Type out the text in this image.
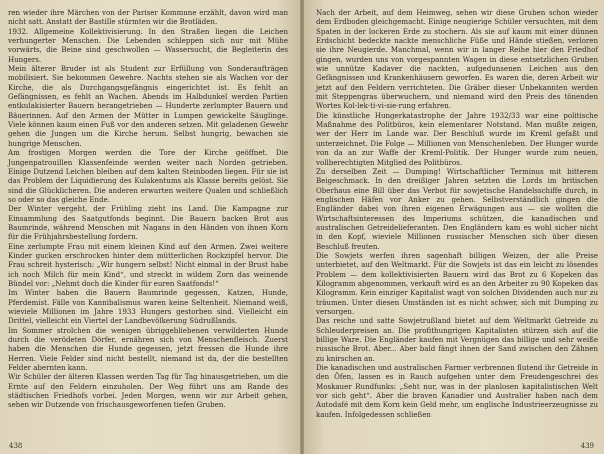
ren wieder ihre Märchen von der Pariser Kommune erzählt, davon wird man nicht satt. Anstatt der Bastille stürmten wir die Brotläden.

1932. Allgemeine Kollektivisierung. In den Straßen liegen die Leichen verhungerter Menschen. Die Lebenden schleppen sich nur mit Mühe vorwärts, die Beine sind geschwollen — Wassersucht, die Begleiterin des Hungers.

Mein älterer Bruder ist als Student zur Erfüllung von Sonderaufträgen mobilisiert. Sie bekommen Gewehre. Nachts stehen sie als Wachen vor der Kirche, die als Durchgangsgefängnis eingerichtet ist. Es fehlt an Gefängnissen, es fehlt an Wachen. Abends im Halbdunkel werden Partien entkulakisierter Bauern herangetrieben — Hunderte zerlumpter Bauern und Bäuerinnen. Auf den Armen der Mütter in Lumpen gewickelte Säuglinge. Viele können kaum einen Fuß vor den anderen setzen. Mit geladenen Gewehr gehen die Jungen um die Kirche herum. Selbst hungrig, bewachen sie hungrige Menschen.

Am frostigen Morgen werden die Tore der Kirche geöffnet. Die Jungenpatrouillen Klassenfeinde werden weiter nach Norden getrieben. Einige Dutzend Leichen bleiben auf dem kalten Steinboden liegen. Für sie ist das Problem der Liquidierung des Kulakentums als Klasse bereits gelöst. Sie sind die Glücklicheren. Die anderen erwarten weitere Qualen und schließlich so oder so das gleiche Ende.

Der Winter vergeht, der Frühling zieht ins Land. Die Kampagne zur Einsammlung des Saatgutfonds beginnt. Die Bauern backen Brot aus Baumrinde, während Menschen mit Nagans in den Händen von ihnen Korn für die Frühjahrsbestellung fordern.

Eine zerlumpte Frau mit einem kleinen Kind auf den Armen. Zwei weitere Kinder gucken erschrocken hinter dem mütterlichen Rockzipfel hervor. Die Frau schreit hysterisch: „Wir hungern selbst! Nicht einmal in der Brust habe ich noch Milch für mein Kind“, und streckt in wildem Zorn das weinende Bündel vor: „Nehmt doch die Kinder für euren Saatfonds!“

Im Winter haben die Bauern Baumrinde gegessen, Katzen, Hunde, Pferdemist. Fälle von Kannibalismus waren keine Seltenheit. Niemand weiß, wieviele Millionen im Jahre 1933 Hungers gestorben sind. Vielleicht ein Drittel, vielleicht ein Viertel der Landbevölkerung Südrußlands.

Im Sommer strolchen die wenigen übriggebliebenen verwilderten Hunde durch die verödeten Dörfer, ernähren sich von Menschenfleisch. Zuerst haben die Menschen die Hunde gegessen, jetzt fressen die Hunde ihre Herren. Viele Felder sind nicht bestellt, niemand ist da, der die bestellten Felder abernten kann.

Wir Schüler der älteren Klassen werden Tag für Tag hinausgetrieben, um die Ernte auf den Feldern einzuholen. Der Weg führt uns am Rande des städtischen Friedhofs vorbei. Jeden Morgen, wenn wir zur Arbeit gehen, sehen wir Dutzende von frischausgeworfenen tiefen Gruben.

438

Nach der Arbeit, auf dem Heimweg, sehen wir diese Gruben schon wieder dem Erdboden gleichgemacht. Einige neugierige Schüler versuchten, mit dem Spaten in der lockeren Erde zu stochern. Als sie auf kaum mit einer dünnen Erdschicht bedeckte nackte menschliche Füße und Hände stießen, verloren sie ihre Neugierde. Manchmal, wenn wir in langer Reihe hier den Friedhof gingen, wurden uns von vorgespannten Wagen in diese entsetzlichen Gruben wie unnütze Kadaver die nackten, aufgedunsenen Leichen aus den Gefängnissen und Krankenhäusern geworfen. Es waren die, deren Arbeit wir jetzt auf den Feldern verrichteten. Die Gräber dieser Unbekannten werden mit Steppengras überwuchern, und niemand wird den Preis des tönenden Wortes Kol-lek-ti-vi-sie-rung erfahren.

Die künstliche Hungerkatastrophe der Jahre 1932/33 war eine politische Maßnahme des Politbüros, kein elementarer Notstand. Man mußte zeigen, wer der Herr im Lande war. Der Beschluß wurde im Kreml gefaßt und unterzeichnet. Die Folge — Millionen von Menschenleben. Der Hunger wurde von da an zur Waffe der Kreml-Politik. Der Hunger wurde zum neuen, vollberechtigten Mitglied des Politbüros.

Zu derselben Zeit — Dumping! Wirtschaftlicher Terminus mit bitterem Beigeschmack. In den dreißiger Jahren setzten die Lords im britischen Oberhaus eine Bill über das Verbot für sowjetische Handelsschiffe durch, in englischen Häfen vor Anker zu gehen. Selbstverständlich gingen die Engländer dabei von ihren eigenen Erwägungen aus — sie wollten die Wirtschaftsinteressen des Imperiums schützen, die kanadischen und australischen Getreidelieferanten. Den Engländern kam es wohl sicher nicht in den Kopf, wieviele Millionen russischer Menschen sich über diesen Beschluß freuten.

Die Sowjets werfen ihren sagenhaft billigen Weizen, der alle Preise unterbietet, auf den Weltmarkt. Für die Sowjets ist das ein leicht zu lösendes Problem — dem kollektivisierten Bauern wird das Brot zu 6 Kopeken das Kilogramm abgenommen, verkauft wird es an den Arbeiter zu 90 Kopeken das Kilogramm. Kein einziger Kapitalist wagt von solchen Dividenden auch nur zu träumen. Unter diesen Umständen ist es nicht schwer, sich mit Dumping zu versorgen.

Das reiche und satte Sowjetrußland bietet auf dem Weltmarkt Getreide zu Schleuderpreisen an. Die profithungrigen Kapitalisten stürzen sich auf die billige Ware. Die Engländer kaufen mit Vergnügen das billige und sehr weiße russische Brot. Aber... Aber bald fängt ihnen der Sand zwischen den Zähnen zu knirschen an.

Die kanadischen und australischen Farmer verbrennen flutend ihr Getreide in den Öfen, lassen es in Rauch aufgehen unter dem Freudengeschrei des Moskauer Rundfunks: „Seht nur, was in der planlosen kapitalistischen Welt vor sich geht“. Aber die braven Kanadier und Australier haben nach dem Autodafé mit dem Korn kein Geld mehr, um englische Industrieerzeugnisse zu kaufen. Infolgedessen schließen

439
